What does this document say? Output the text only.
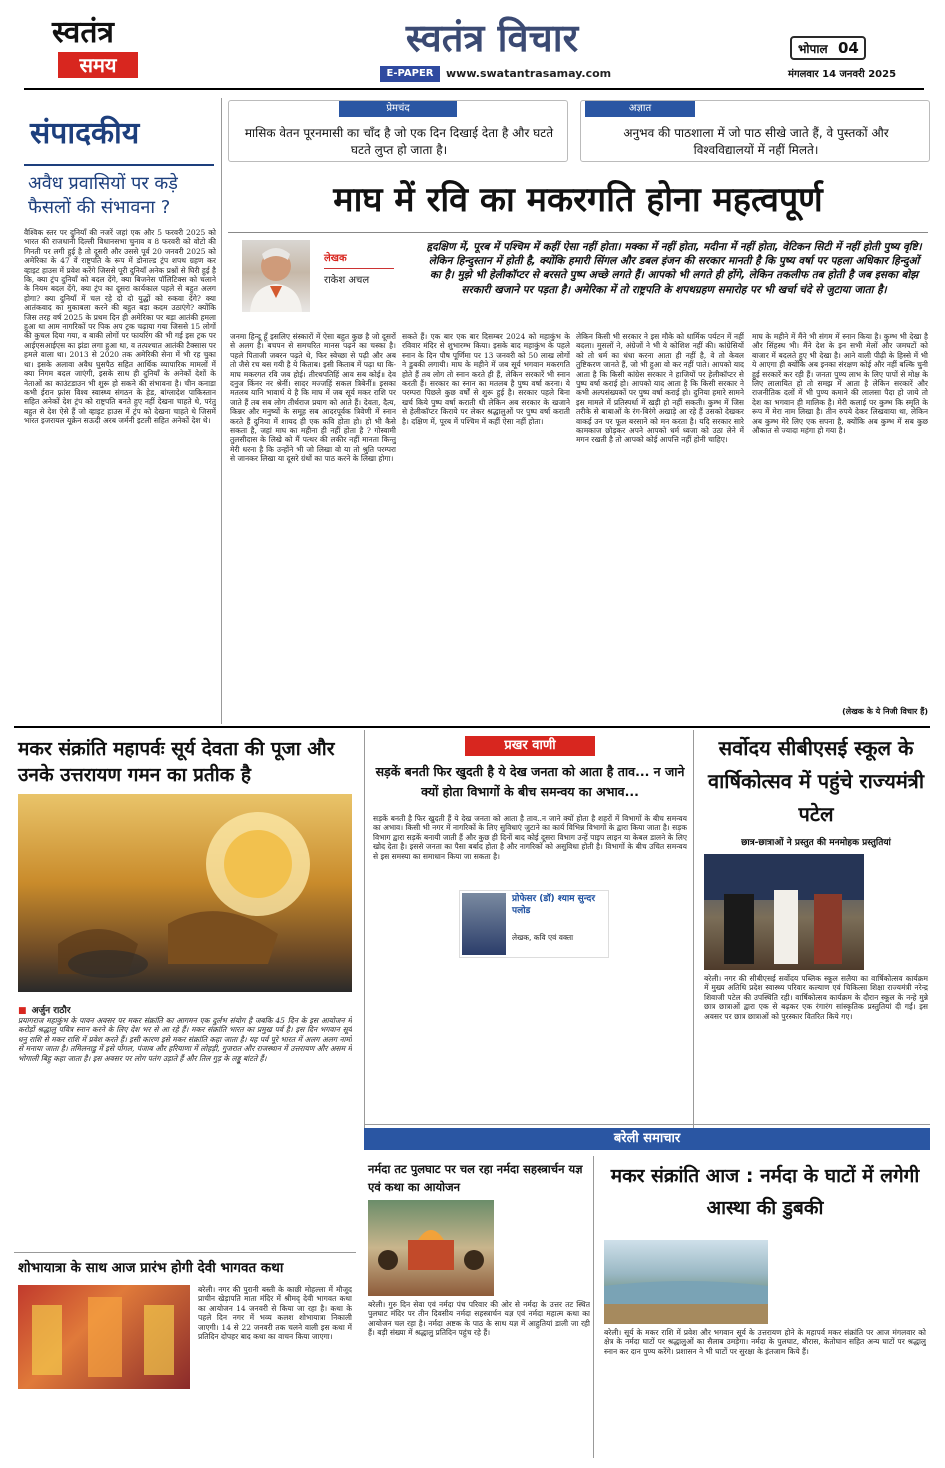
स्वतंत्र
समय
स्वतंत्र विचार
E-PAPER	www.swatantrasamay.com
भोपाल 04
मंगलवार 14 जनवरी 2025
संपादकीय
अवैध प्रवासियों पर कड़े फैसलों की संभावना ?
वैश्विक स्तर पर दुनियाँ की नजरें जहां एक और 5 फरवरी 2025 को भारत की राजधानी दिल्ली विधानसभा चुनाव व 8 फरवरी को वोटो की गिनती पर लगी हुई है तो दूसरी और उससे पूर्व 20 जनवरी 2025 को अमेरिका के 47 वें राष्ट्रपति के रूप में डोनाल्ड ट्रंप शपथ ग्रहण कर व्हाइट हाउस में प्रवेश करेंगे जिससे पूरी दुनियाँ अनेक प्रश्नों से घिरी हुई है कि, क्या ट्रंप दुनियाँ को बदल देंगे, क्या बिजनेस पॉलिटिक्स को चलाने के नियम बदल देंगे, क्या ट्रंप का दूसरा कार्यकाल पहले से बहुत अलग होगा? क्या दुनियाँ में चल रहे दो दो युद्धों को रुकवा देंगे? क्या आतंकवाद का मुकाबला करने की बहुत बड़ा कदम उठाएंगे? क्योंकि जिस तरह वर्ष 2025 के प्रथम दिन ही अमेरिका पर बड़ा आतंकी हमला हुआ था आम नागरिकों पर पिक अप ट्रक चढ़ाया गया जिससे 15 लोगों की कुचल दिया गया, व बाकी लोगों पर फायरिंग की भी गई इस ट्रक पर आईएसआईएस का झंडा लगा हुआ था, व तत्पश्चात आतंकी टैक्सास पर हमले वाला था। 2013 से 2020 तक अमेरिकी सेना में भी रह चुका था। इसके अलावा अवैध घुसपैठ सहित आर्थिक व्यापारिक मामलों में क्या निगम बदल जाएंगी, इसके साथ ही दुनियाँ के अनेकों देशों के नेताओं का काउंटडाउन भी शुरू हो सकने की संभावना है। चीन कनाडा कभी ईरान फ़्रांस विश्व स्वास्थ्य संगठन के हेड, बांग्लादेश पाकिस्तान सहित अनेकों देश ट्रंप को राष्ट्रपति बनते हुए नहीं देखना चाहते थे, परंतु बहुत से देश ऐसे हैं जो व्हाइट हाउस में ट्रंप को देखना चाहते थे जिसमें भारत इजरायल यूक्रेन सऊदी अरब जर्मनी इटली सहित अनेकों देश थे।
प्रेमचंद
मासिक वेतन पूरनमासी का चाँद है जो एक दिन दिखाई देता है और घटते घटते लुप्त हो जाता है।
अज्ञात
अनुभव की पाठशाला में जो पाठ सीखे जाते हैं, वे पुस्तकों और विश्वविद्यालयों में नहीं मिलते।
माघ में रवि का मकरगति होना महत्वपूर्ण
लेखक
राकेश अचल
हृदक्षिण में, पूरब में पश्चिम में कहीं ऐसा नहीं होता। मक्का में नहीं होता, मदीना में नहीं होता, वेटिकन सिटी में नहीं होती पुष्य वृष्टि। लेकिन हिन्दुस्तान में होती है, क्योंकि हमारी सिंगल और डबल इंजन की सरकार मानती है कि पुष्य वर्षा पर पहला अधिकार हिन्दुओं का है। मुझे भी हेलीकॉप्टर से बरसते पुष्प अच्छे लगते हैं। आपको भी लगते ही होंगे, लेकिन तकलीफ तब होती है जब इसका बोझ सरकारी खजाने पर पड़ता है। अमेरिका में तो राष्ट्रपति के शपथग्रहण समारोह पर भी खर्चा चंदे से जुटाया जाता है।
जनमा हिन्दू हूँ इसलिए संस्कारों में ऐसा बहुत कुछ है जो दूसरों से अलग है। बचपन से समचरित मानस पढ़ने का चस्का है। पहले पिताजी जबरन पढ़ते थे, फिर स्वेच्छा से पढ़ी और अब तो जैसे रच बस गयी है ये किताब। इसी किताब में पढ़ा था कि- माघ मकरगत रवि जब होई। तीरथपतिहिं आव सब कोई॥ देव दनुज किंनर नर श्रेनीं। सादर मज्जहिं सकल त्रिबेनीं॥ इसका मतलब यानि भावार्थ ये है कि माघ में जब सूर्य मकर राशि पर जाते हैं तब सब लोग तीर्थराज प्रयाग को आते हैं। देवता, दैत्य, किन्नर और मनुष्यों के समूह सब आदरपूर्वक त्रिवेणी में स्नान करते हैं दुनिया में शायद ही एक कवि होता हो। हो भी कैसे सकता है, जहां माघ का महीना ही नहीं होता है ? गोस्वामी तुलसीदास के लिखे को मैं पत्थर की लकीर नहीं मानता किन्तु मेरी धरना है कि उन्होंने भी जो लिखा वो या तो श्रुति परम्परा से जानकर लिखा या दूसरे ग्रंथों का पाठ करने के लिखा होगा।
सकते हैं। एक बार एक बार दिसम्बर 2024 को महाकुंभ के रविवार मंदिर से शुभारम्भ किया। इसके बाद महाकुंभ के पहले स्नान के दिन पौष पूर्णिमा पर 13 जनवरी को 50 लाख लोगों ने डुबकी लगायी। माघ के महीने में जब सूर्य भगवान मकरगति होते हैं तब लोग तो स्नान करते ही हैं, लेकिन सरकारें भी स्नान करती हैं। सरकार का स्नान का मतलब है पुष्प वर्षा करना। ये परम्परा पिछले कुछ वर्षों से शुरू हुई है। सरकार पहले बिना खर्च किये पुष्प वर्षा कराती थी लेकिन अब सरकार के खजाने से हेलीकॉप्टर किराये पर लेकर श्रद्धालुओं पर पुष्प वर्षा कराती है। दक्षिण में, पूरब में पश्चिम में कहीं ऐसा नहीं होता।
लेकिन किसी भी सरकार ने इस मौके को धार्मिक पर्यटन में नहीं बदला। मुसलों ने, अंग्रेजों ने भी ये कोशिश नहीं की। कांग्रेसियों को तो धर्म का धंधा करना आता ही नहीं है, वे तो केवल तुष्टिकरण जानते हैं, जो भी हुआ वो कर नहीं पाते। आपको याद आता है कि किसी कांग्रेस सरकार ने हाजियों पर हेलीकॉप्टर से पुष्प वर्षा कराई हो। आपको याद आता है कि किसी सरकार ने कभी अल्पसंख्यकों पर पुष्प वर्षा कराई हो। दुनिया हमारे सामने इस मामले में प्रतिस्पर्धा में खड़ी हो नहीं सकती। कुम्भ में जिस तरीके से बाबाओं के रंग-बिरंगे अखाड़े आ रहे हैं उसको देखकर वाकई उन पर फूल बरसाने को मन करता है। यदि सरकार सारे कामकाज छोड़कर अपने आपको धर्म ध्वजा को उठा लेने में मगन रखती है तो आपको कोई आपत्ति नहीं होनी चाहिए।
माघ के महीने में मैंने भी संगम में स्नान किया है। कुम्भ भी देखा है और सिंहस्थ भी। मैंने देश के इन सभी मेलों और जमघटों को बाजार में बदलते हुए भी देखा है। आने वाली पीढ़ी के हिस्से में भी ये आएगा ही क्योंकि अब इनका संरक्षण कोई और नहीं बल्कि चुनी हुई सरकारें कर रही हैं। जनता पुण्य लाभ के लिए पापों से मोक्ष के लिए लालायित हो तो समझ में आता है लेकिन सरकारें और राजनीतिक दलों में भी पुण्य कमाने की लालसा पैदा हो जाये तो देश का भगवान ही मालिक है। मेरी कलाई पर कुम्भ कि स्मृति के रूप में मेरा नाम लिखा है। तीन रुपये देकर लिखवाया था, लेकिन अब कुम्भ मेरे लिए एक सपना है, क्योंकि अब कुम्भ में सब कुछ औकात से ज्यादा महंगा हो गया है।
(लेखक के ये निजी विचार हैं)
मकर संक्रांति महापर्वः सूर्य देवता की पूजा और उनके उत्तरायण गमन का प्रतीक है
■ अर्जुन राठौर
प्रयागराज महाकुंभ के पावन अवसर पर मकर संक्रांति का आगमन एक दुर्लभ संयोग है जबकि 45 दिन के इस आयोजन में करोड़ों श्रद्धालु पवित्र स्नान करने के लिए देश भर से आ रहे हैं। मकर संक्रांति भारत का प्रमुख पर्व है। इस दिन भगवान सूर्य धनु राशि से मकर राशि में प्रवेश करते हैं। इसी कारण इसे मकर संक्रांति कहा जाता है। यह पर्व पूरे भारत में अलग अलग नामों से मनाया जाता है। तमिलनाडु में इसे पोंगल, पंजाब और हरियाणा में लोहड़ी, गुजरात और राजस्थान में उत्तरायण और असम में भोगाली बिहु कहा जाता है। इस अवसर पर लोग पतंग उड़ाते हैं और तिल गुड़ के लड्डू बांटते हैं।
प्रखर वाणी
सड़कें बनती फिर खुदती है ये देख जनता को आता है ताव... न जाने क्यों होता विभागों के बीच समन्वय का अभाव...
सड़कें बनती है फिर खुदती हैं ये देख जनता को आता है ताव..न जाने क्यों होता है शहरों में विभागों के बीच समन्वय का अभाव। किसी भी नगर में नागरिकों के लिए सुविधाएं जुटाने का कार्य विभिन्न विभागों के द्वारा किया जाता है। सड़क विभाग द्वारा सड़कें बनायी जाती हैं और कुछ ही दिनों बाद कोई दूसरा विभाग उन्हें पाइप लाइन या केबल डालने के लिए खोद देता है। इससे जनता का पैसा बर्बाद होता है और नागरिकों को असुविधा होती है। विभागों के बीच उचित समन्वय से इस समस्या का समाधान किया जा सकता है।
प्रोफेसर (डॉ) श्याम सुन्दर पलोड
लेखक, कवि एवं वक्ता
सर्वोदय सीबीएसई स्कूल के वार्षिकोत्सव में पहुंचे राज्यमंत्री पटेल
छात्र-छात्राओं ने प्रस्तुत की मनमोहक प्रस्तुतियां
बरेली। नगर की सीबीएसई सर्वोदय पब्लिक स्कूल सलैया का वार्षिकोत्सव कार्यक्रम में मुख्य अतिथि प्रदेश स्वास्थ्य परिवार कल्याण एवं चिकित्सा शिक्षा राज्यमंत्री नरेन्द्र शिवाजी पटेल की उपस्थिति रही। वार्षिकोत्सव कार्यक्रम के दौरान स्कूल के नन्हे मुन्ने छात्र छात्राओं द्वारा एक से बढ़कर एक रंगारंग सांस्कृतिक प्रस्तुतियां दी गईं। इस अवसर पर छात्र छात्राओं को पुरस्कार वितरित किये गए।
शोभायात्रा के साथ आज प्रारंभ होगी देवी भागवत कथा
बरेली। नगर की पुरानी बस्ती के काछी मोहल्ला में मौजूद प्राचीन खेड़ापति माता मंदिर में श्रीमद् देवी भागवत कथा का आयोजन 14 जनवरी से किया जा रहा है। कथा के पहले दिन नगर में भव्य कलश शोभायात्रा निकाली जाएगी। 14 से 22 जनवरी तक चलने वाली इस कथा में प्रतिदिन दोपहर बाद कथा का वाचन किया जाएगा।
बरेली समाचार
नर्मदा तट पुलघाट पर चल रहा नर्मदा सहस्त्रार्चन यज्ञ एवं कथा का आयोजन
बरेली। गुरु दिन सेवा एवं नर्मदा पंच परिवार की ओर से नर्मदा के उत्तर तट स्थित पुलघाट मंदिर पर तीन दिवसीय नर्मदा सहस्त्रार्चन यज्ञ एवं नर्मदा महात्म कथा का आयोजन चल रहा है। नर्मदा अष्टक के पाठ के साथ यज्ञ में आहुतियां डाली जा रही हैं। बड़ी संख्या में श्रद्धालु प्रतिदिन पहुंच रहे हैं।
मकर संक्रांति आज : नर्मदा के घाटों में लगेगी आस्था की डुबकी
बरेली। सूर्य के मकर राशि में प्रवेश और भगवान सूर्य के उत्तरायण होने के महापर्व मकर संक्रांति पर आज मंगलवार को क्षेत्र के नर्मदा घाटों पर श्रद्धालुओं का सैलाब उमड़ेगा। नर्मदा के पुलघाट, बौरास, केतोघान सहित अन्य घाटों पर श्रद्धालु स्नान कर दान पुण्य करेंगे। प्रशासन ने भी घाटों पर सुरक्षा के इंतजाम किये हैं।
